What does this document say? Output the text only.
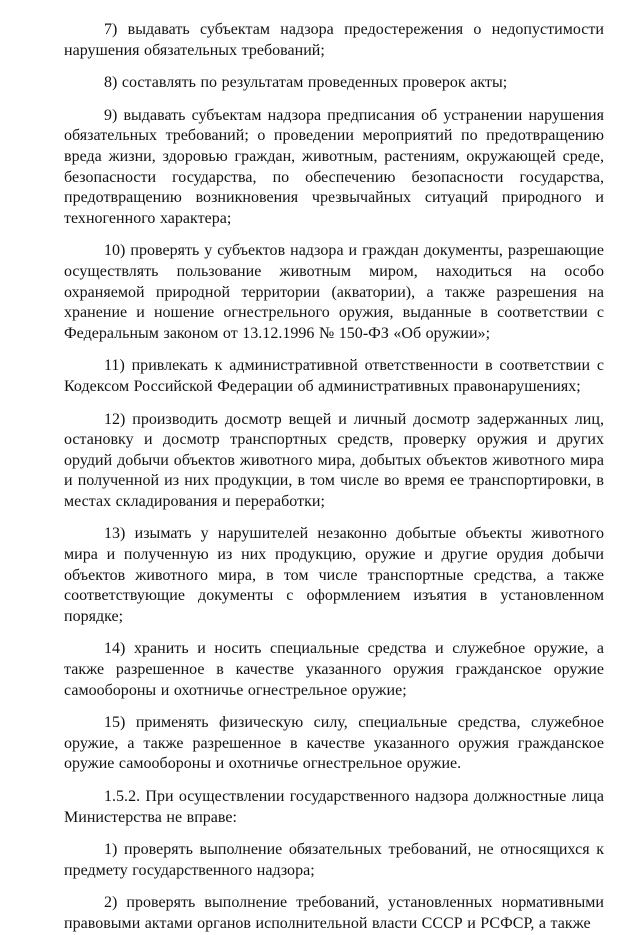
7) выдавать субъектам надзора предостережения о недопустимости нарушения обязательных требований;

8) составлять по результатам проведенных проверок акты;

9) выдавать субъектам надзора предписания об устранении нарушения обязательных требований; о проведении мероприятий по предотвращению вреда жизни, здоровью граждан, животным, растениям, окружающей среде, безопасности государства, по обеспечению безопасности государства, предотвращению возникновения чрезвычайных ситуаций природного и техногенного характера;

10) проверять у субъектов надзора и граждан документы, разрешающие осуществлять пользование животным миром, находиться на особо охраняемой природной территории (акватории), а также разрешения на хранение и ношение огнестрельного оружия, выданные в соответствии с Федеральным законом от 13.12.1996 № 150-ФЗ «Об оружии»;

11) привлекать к административной ответственности в соответствии с Кодексом Российской Федерации об административных правонарушениях;

12) производить досмотр вещей и личный досмотр задержанных лиц, остановку и досмотр транспортных средств, проверку оружия и других орудий добычи объектов животного мира, добытых объектов животного мира и полученной из них продукции, в том числе во время ее транспортировки, в местах складирования и переработки;

13) изымать у нарушителей незаконно добытые объекты животного мира и полученную из них продукцию, оружие и другие орудия добычи объектов животного мира, в том числе транспортные средства, а также соответствующие документы с оформлением изъятия в установленном порядке;

14) хранить и носить специальные средства и служебное оружие, а также разрешенное в качестве указанного оружия гражданское оружие самообороны и охотничье огнестрельное оружие;

15) применять физическую силу, специальные средства, служебное оружие, а также разрешенное в качестве указанного оружия гражданское оружие самообороны и охотничье огнестрельное оружие.

1.5.2. При осуществлении государственного надзора должностные лица Министерства не вправе:

1) проверять выполнение обязательных требований, не относящихся к предмету государственного надзора;

2) проверять выполнение требований, установленных нормативными правовыми актами органов исполнительной власти СССР и РСФСР, а также
